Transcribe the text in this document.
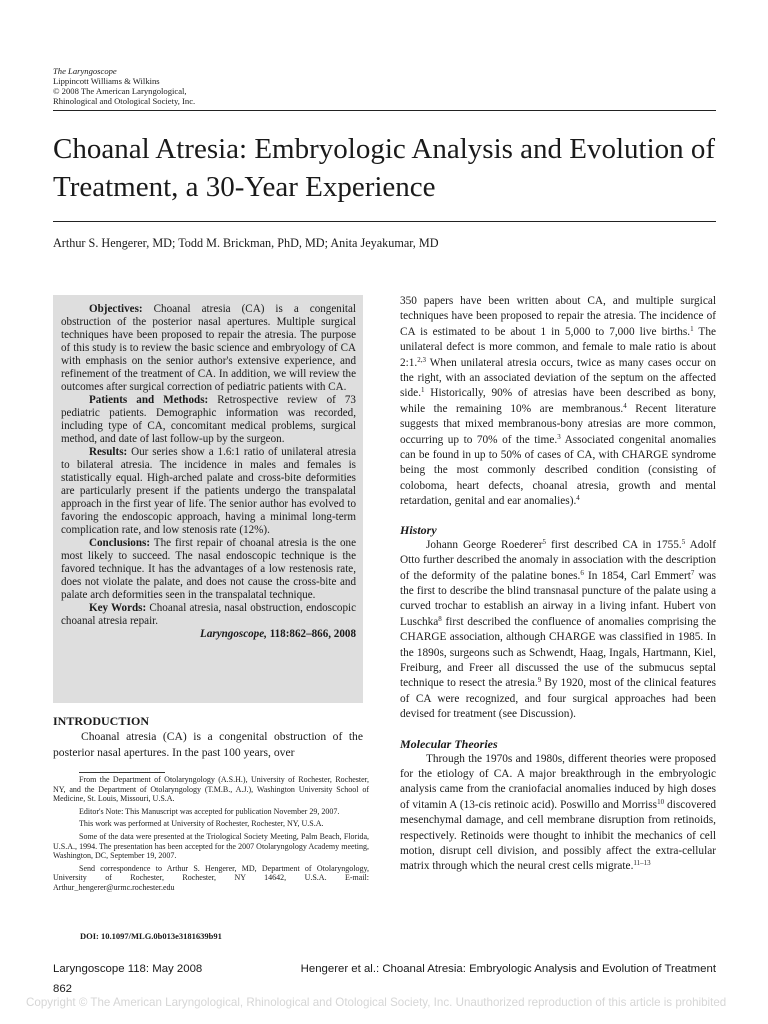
The Laryngoscope
Lippincott Williams & Wilkins
© 2008 The American Laryngological,
Rhinological and Otological Society, Inc.
Choanal Atresia: Embryologic Analysis and Evolution of Treatment, a 30-Year Experience
Arthur S. Hengerer, MD; Todd M. Brickman, PhD, MD; Anita Jeyakumar, MD

Objectives: Choanal atresia (CA) is a congenital obstruction of the posterior nasal apertures. Multiple surgical techniques have been proposed to repair the atresia. The purpose of this study is to review the basic science and embryology of CA with emphasis on the senior author's extensive experience, and refinement of the treatment of CA. In addition, we will review the outcomes after surgical correction of pediatric patients with CA.

Patients and Methods: Retrospective review of 73 pediatric patients. Demographic information was recorded, including type of CA, concomitant medical problems, surgical method, and date of last follow-up by the surgeon.

Results: Our series show a 1.6:1 ratio of unilateral atresia to bilateral atresia. The incidence in males and females is statistically equal. High-arched palate and cross-bite deformities are particularly present if the patients undergo the transpalatal approach in the first year of life. The senior author has evolved to favoring the endoscopic approach, having a minimal long-term complication rate, and low stenosis rate (12%).

Conclusions: The first repair of choanal atresia is the one most likely to succeed. The nasal endoscopic technique is the favored technique. It has the advantages of a low restenosis rate, does not violate the palate, and does not cause the cross-bite and palate arch deformities seen in the transpalatal technique.

Key Words: Choanal atresia, nasal obstruction, endoscopic choanal atresia repair.

Laryngoscope, 118:862–866, 2008

INTRODUCTION

Choanal atresia (CA) is a congenital obstruction of the posterior nasal apertures. In the past 100 years, over

From the Department of Otolaryngology (A.S.H.), University of Rochester, Rochester, NY, and the Department of Otolaryngology (T.M.B., A.J.), Washington University School of Medicine, St. Louis, Missouri, U.S.A.

Editor's Note: This Manuscript was accepted for publication November 29, 2007.

This work was performed at University of Rochester, Rochester, NY, U.S.A.

Some of the data were presented at the Triological Society Meeting, Palm Beach, Florida, U.S.A., 1994. The presentation has been accepted for the 2007 Otolaryngology Academy meeting, Washington, DC, September 19, 2007.

Send correspondence to Arthur S. Hengerer, MD, Department of Otolaryngology, University of Rochester, Rochester, NY 14642, U.S.A. E-mail: Arthur_hengerer@urmc.rochester.edu

DOI: 10.1097/MLG.0b013e3181639b91

350 papers have been written about CA, and multiple surgical techniques have been proposed to repair the atresia. The incidence of CA is estimated to be about 1 in 5,000 to 7,000 live births.$^1$ The unilateral defect is more common, and female to male ratio is about 2:1.$^{2,3}$ When unilateral atresia occurs, twice as many cases occur on the right, with an associated deviation of the septum on the affected side.$^1$ Historically, 90% of atresias have been described as bony, while the remaining 10% are membranous.$^4$ Recent literature suggests that mixed membranous-bony atresias are more common, occurring up to 70% of the time.$^3$ Associated congenital anomalies can be found in up to 50% of cases of CA, with CHARGE syndrome being the most commonly described condition (consisting of coloboma, heart defects, choanal atresia, growth and mental retardation, genital and ear anomalies).$^4$

History

Johann George Roederer$^5$ first described CA in 1755.$^5$ Adolf Otto further described the anomaly in association with the description of the deformity of the palatine bones.$^6$ In 1854, Carl Emmert$^7$ was the first to describe the blind transnasal puncture of the palate using a curved trochar to establish an airway in a living infant. Hubert von Luschka$^8$ first described the confluence of anomalies comprising the CHARGE association, although CHARGE was classified in 1985. In the 1890s, surgeons such as Schwendt, Haag, Ingals, Hartmann, Kiel, Freiburg, and Freer all discussed the use of the submucus septal technique to resect the atresia.$^9$ By 1920, most of the clinical features of CA were recognized, and four surgical approaches had been devised for treatment (see Discussion).

Molecular Theories

Through the 1970s and 1980s, different theories were proposed for the etiology of CA. A major breakthrough in the embryologic analysis came from the craniofacial anomalies induced by high doses of vitamin A (13-cis retinoic acid). Poswillo and Morriss$^{10}$ discovered mesenchymal damage, and cell membrane disruption from retinoids, respectively. Retinoids were thought to inhibit the mechanics of cell motion, disrupt cell division, and possibly affect the extra-cellular matrix through which the neural crest cells migrate.$^{11-13}$

Laryngoscope 118: May 2008	Hengerer et al.: Choanal Atresia: Embryologic Analysis and Evolution of Treatment
862
Copyright © The American Laryngological, Rhinological and Otological Society, Inc. Unauthorized reproduction of this article is prohibited
